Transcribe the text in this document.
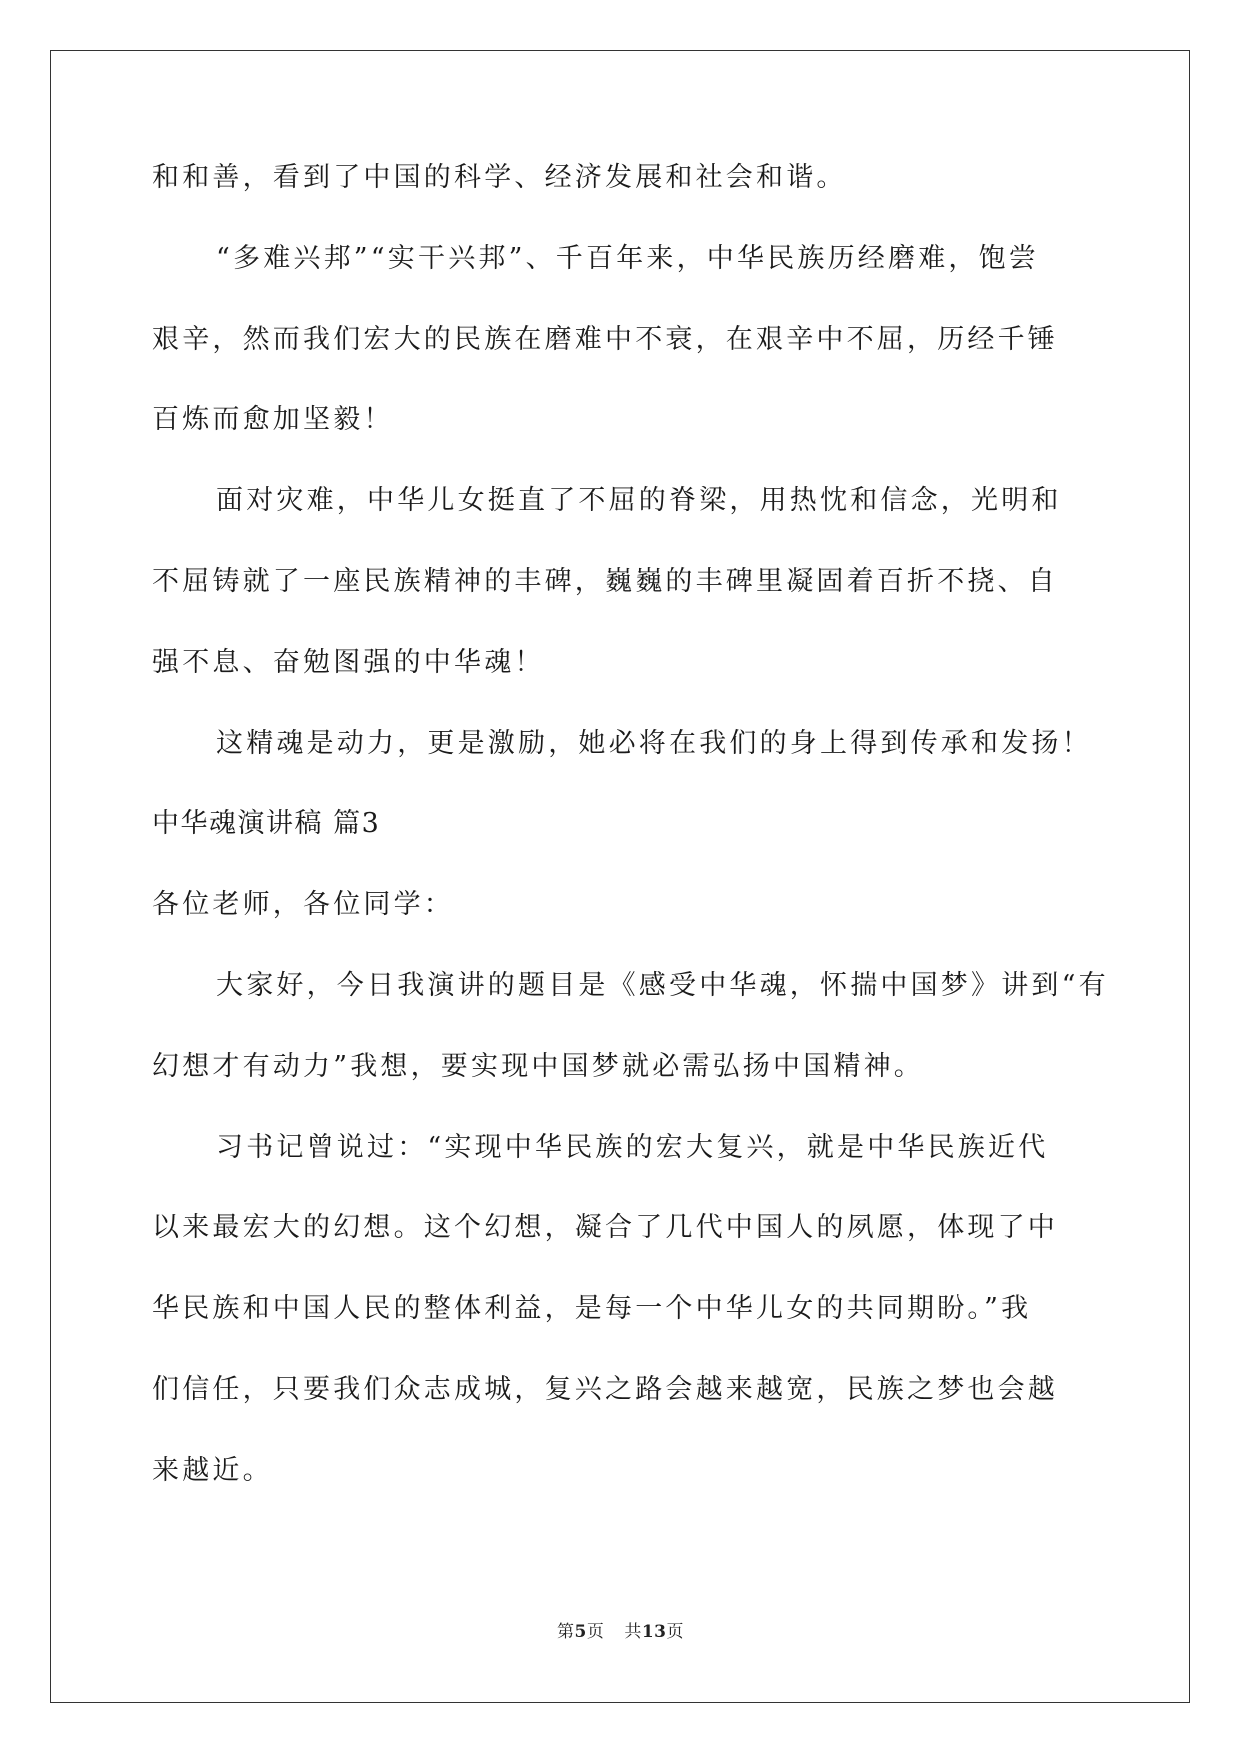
和和善，看到了中国的科学、经济发展和社会和谐。

“多难兴邦”“实干兴邦”、千百年来，中华民族历经磨难，饱尝

艰辛，然而我们宏大的民族在磨难中不衰，在艰辛中不屈，历经千锤

百炼而愈加坚毅！

面对灾难，中华儿女挺直了不屈的脊梁，用热忱和信念，光明和

不屈铸就了一座民族精神的丰碑，巍巍的丰碑里凝固着百折不挠、自

强不息、奋勉图强的中华魂！

这精魂是动力，更是激励，她必将在我们的身上得到传承和发扬！

中华魂演讲稿 篇3

各位老师，各位同学：

大家好，今日我演讲的题目是《感受中华魂，怀揣中国梦》讲到“有

幻想才有动力”我想，要实现中国梦就必需弘扬中国精神。

习书记曾说过：“实现中华民族的宏大复兴，就是中华民族近代

以来最宏大的幻想。这个幻想，凝合了几代中国人的夙愿，体现了中

华民族和中国人民的整体利益，是每一个中华儿女的共同期盼。”我

们信任，只要我们众志成城，复兴之路会越来越宽，民族之梦也会越

来越近。

第5页 共13页
